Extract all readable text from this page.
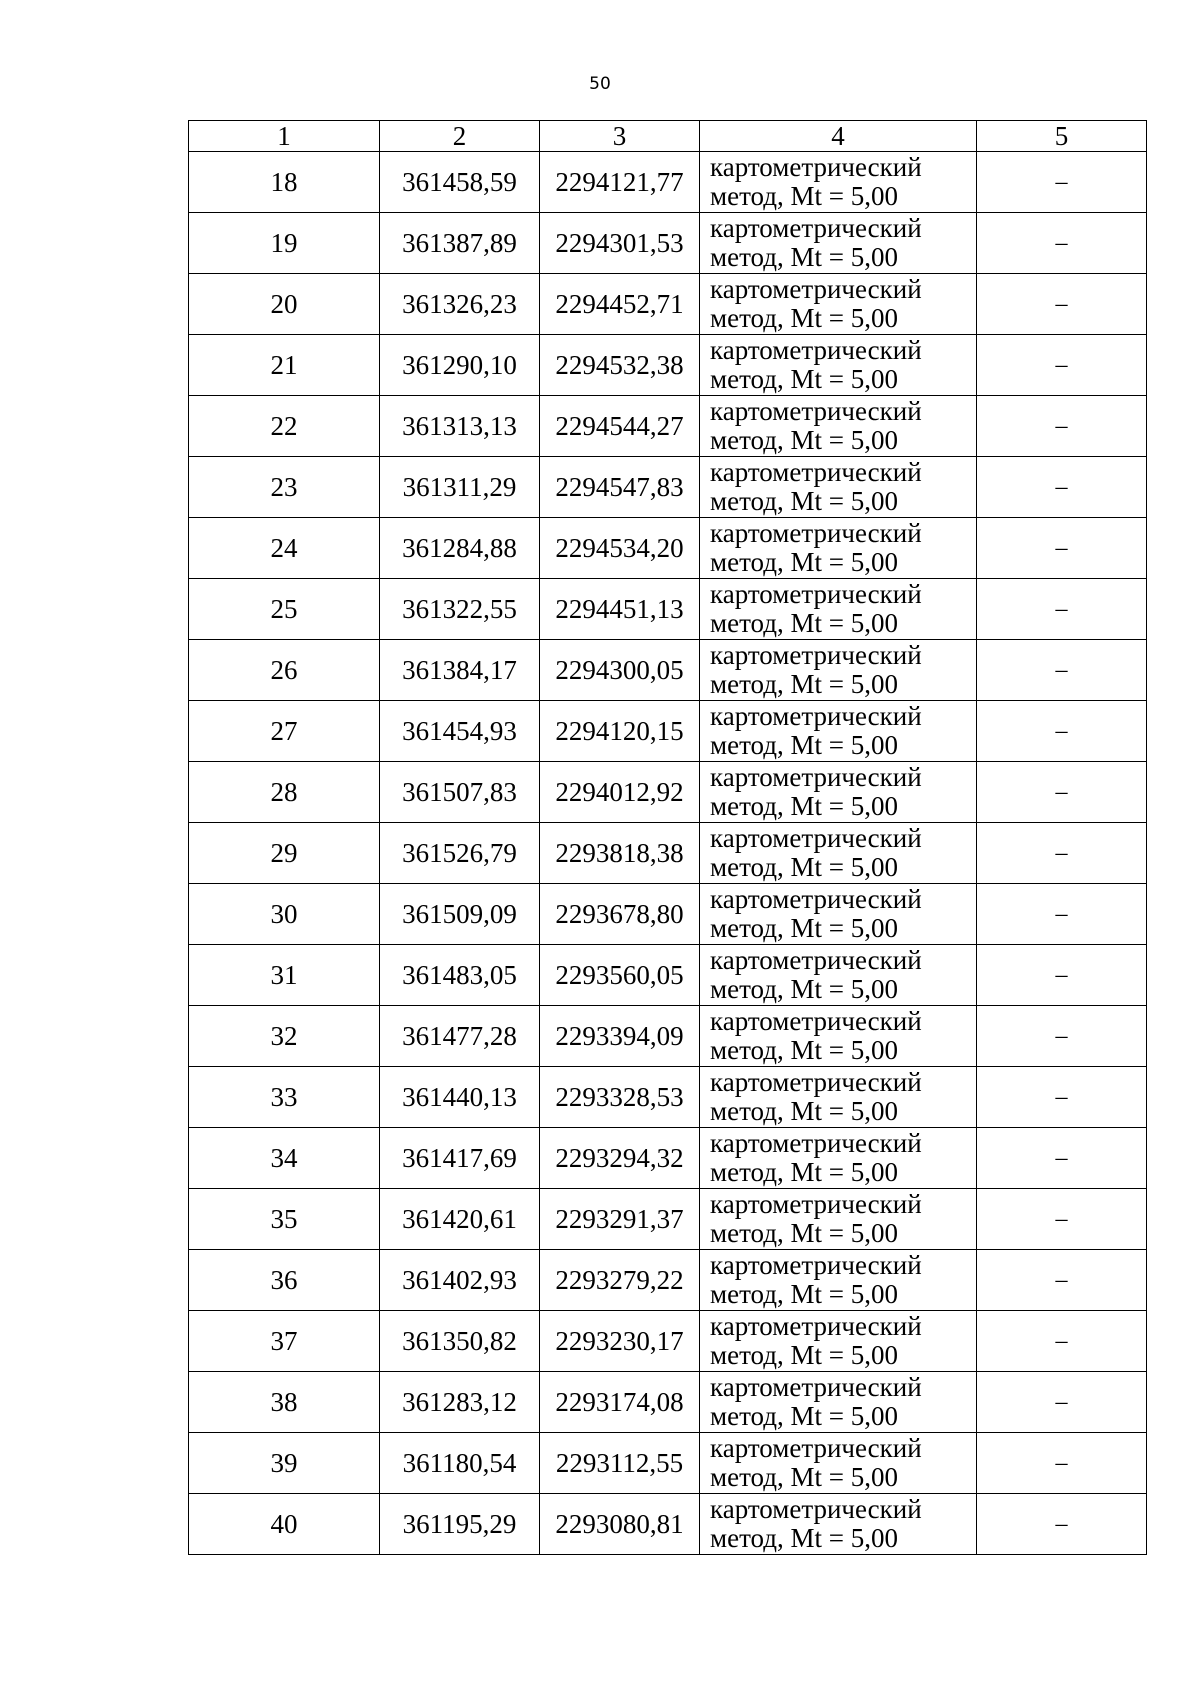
50
1	2	3	4	5
18	361458,59	2294121,77	картометрический
метод, Mt = 5,00	–
19	361387,89	2294301,53	картометрический
метод, Mt = 5,00	–
20	361326,23	2294452,71	картометрический
метод, Mt = 5,00	–
21	361290,10	2294532,38	картометрический
метод, Mt = 5,00	–
22	361313,13	2294544,27	картометрический
метод, Mt = 5,00	–
23	361311,29	2294547,83	картометрический
метод, Mt = 5,00	–
24	361284,88	2294534,20	картометрический
метод, Mt = 5,00	–
25	361322,55	2294451,13	картометрический
метод, Mt = 5,00	–
26	361384,17	2294300,05	картометрический
метод, Mt = 5,00	–
27	361454,93	2294120,15	картометрический
метод, Mt = 5,00	–
28	361507,83	2294012,92	картометрический
метод, Mt = 5,00	–
29	361526,79	2293818,38	картометрический
метод, Mt = 5,00	–
30	361509,09	2293678,80	картометрический
метод, Mt = 5,00	–
31	361483,05	2293560,05	картометрический
метод, Mt = 5,00	–
32	361477,28	2293394,09	картометрический
метод, Mt = 5,00	–
33	361440,13	2293328,53	картометрический
метод, Mt = 5,00	–
34	361417,69	2293294,32	картометрический
метод, Mt = 5,00	–
35	361420,61	2293291,37	картометрический
метод, Mt = 5,00	–
36	361402,93	2293279,22	картометрический
метод, Mt = 5,00	–
37	361350,82	2293230,17	картометрический
метод, Mt = 5,00	–
38	361283,12	2293174,08	картометрический
метод, Mt = 5,00	–
39	361180,54	2293112,55	картометрический
метод, Mt = 5,00	–
40	361195,29	2293080,81	картометрический
метод, Mt = 5,00	–
